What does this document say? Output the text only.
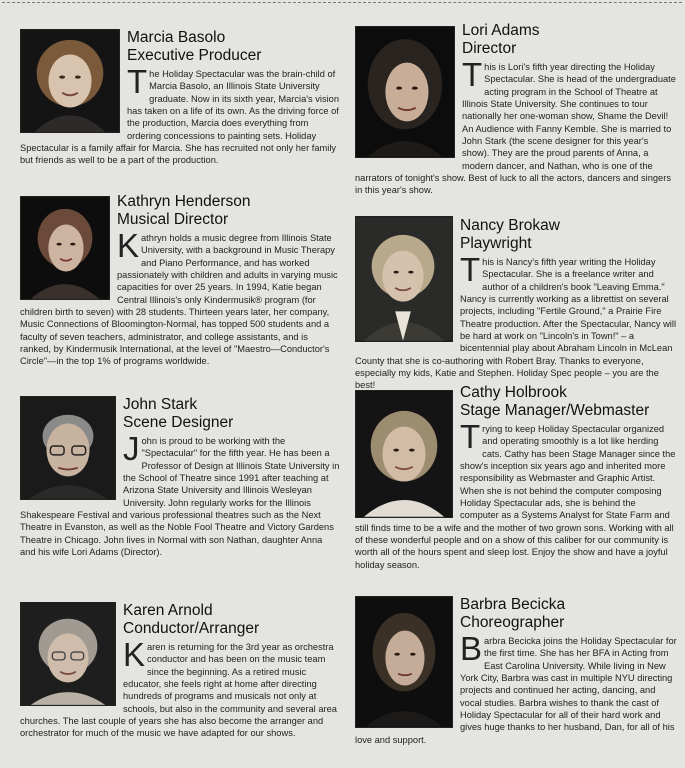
Marcia Basolo
Executive Producer
The Holiday Spectacular was the brain-child of Marcia Basolo, an Illinois State University graduate. Now in its sixth year, Marcia's vision has taken on a life of its own. As the driving force of the production, Marcia does everything from ordering concessions to painting sets. Holiday Spectacular is a family affair for Marcia. She has recruited not only her family but friends as well to be a part of the production.
Kathryn Henderson
Musical Director
Kathryn holds a music degree from Illinois State University, with a background in Music Therapy and Piano Performance, and has worked passionately with children and adults in varying music capacities for over 25 years. In 1994, Katie began Central Illinois's only Kindermusik® program (for children birth to seven) with 28 students. Thirteen years later, her company, Music Connections of Bloomington-Normal, has topped 500 students and a faculty of seven teachers, administrator, and college assistants, and is ranked, by Kindermusik International, at the level of "Maestro—Conductor's Circle"—in the top 1% of programs worldwide.
John Stark
Scene Designer
John is proud to be working with the "Spectacular" for the fifth year. He has been a Professor of Design at Illinois State University in the School of Theatre since 1991 after teaching at Arizona State University and Illinois Wesleyan University. John regularly works for the Illinois Shakespeare Festival and various professional theatres such as the Next Theatre in Evanston, as well as the Noble Fool Theatre and Victory Gardens Theatre in Chicago. John lives in Normal with son Nathan, daughter Anna and his wife Lori Adams (Director).
Karen Arnold
Conductor/Arranger
Karen is returning for the 3rd year as orchestra conductor and has been on the music team since the beginning. As a retired music educator, she feels right at home after directing hundreds of programs and musicals not only at schools, but also in the community and several area churches. The last couple of years she has also become the arranger and orchestrator for much of the music we have adapted for our shows.
Lori Adams
Director
This is Lori's fifth year directing the Holiday Spectacular. She is head of the undergraduate acting program in the School of Theatre at Illinois State University. She continues to tour nationally her one-woman show, Shame the Devil! An Audience with Fanny Kemble. She is married to John Stark (the scene designer for this year's show). They are the proud parents of Anna, a modern dancer, and Nathan, who is one of the narrators of tonight's show. Best of luck to all the actors, dancers and singers in this year's show.
Nancy Brokaw
Playwright
This is Nancy's fifth year writing the Holiday Spectacular. She is a freelance writer and author of a children's book "Leaving Emma." Nancy is currently working as a librettist on several projects, including "Fertile Ground," a Prairie Fire Theatre production. After the Spectacular, Nancy will be hard at work on "Lincoln's in Town!" – a bicentennial play about Abraham Lincoln in McLean County that she is co-authoring with Robert Bray. Thanks to everyone, especially my kids, Katie and Stephen. Holiday Spec people – you are the best!	Cathy Holbrook
Stage Manager/Webmaster
Trying to keep Holiday Spectacular organized and operating smoothly is a lot like herding cats. Cathy has been Stage Manager since the show's inception six years ago and inherited more responsibility as Webmaster and Graphic Artist. When she is not behind the computer composing Holiday Spectacular ads, she is behind the computer as a Systems Analyst for State Farm and still finds time to be a wife and the mother of two grown sons. Working with all of these wonderful people and on a show of this caliber for our community is worth all of the hours spent and sleep lost. Enjoy the show and have a joyful holiday season.
Barbra Becicka
Choreographer
Barbra Becicka joins the Holiday Spectacular for the first time. She has her BFA in Acting from East Carolina University. While living in New York City, Barbra was cast in multiple NYU directing projects and continued her acting, dancing, and vocal studies. Barbra wishes to thank the cast of Holiday Spectacular for all of their hard work and gives huge thanks to her husband, Dan, for all of his love and support.
